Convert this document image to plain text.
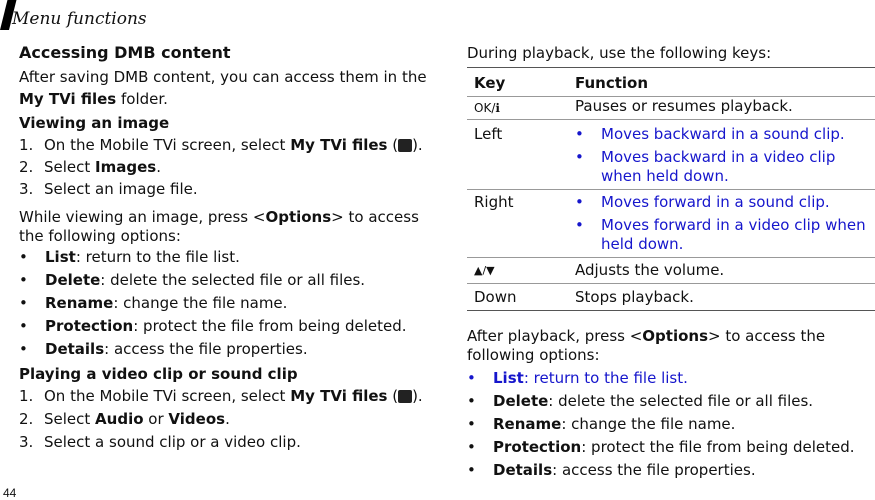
Menu functions
Accessing DMB content
After saving DMB content, you can access them in the
My TVi files folder.
Viewing an image
1. On the Mobile TVi screen, select My TVi files ( ).
2. Select Images.
3. Select an image file.
While viewing an image, press <Options> to access
the following options:
• List: return to the file list.
• Delete: delete the selected file or all files.
• Rename: change the file name.
• Protection: protect the file from being deleted.
• Details: access the file properties.
Playing a video clip or sound clip
1. On the Mobile TVi screen, select My TVi files ( ).
2. Select Audio or Videos.
3. Select a sound clip or a video clip.
During playback, use the following keys:
Key	Function
OK/ℹ	Pauses or resumes playback.
Left	• Moves backward in a sound clip.
• Moves backward in a video clip
when held down.
Right	• Moves forward in a sound clip.
• Moves forward in a video clip when
held down.
▲/▼	Adjusts the volume.
Down	Stops playback.
After playback, press <Options> to access the
following options:
• List: return to the file list.
• Delete: delete the selected file or all files.
• Rename: change the file name.
• Protection: protect the file from being deleted.
• Details: access the file properties.
44
